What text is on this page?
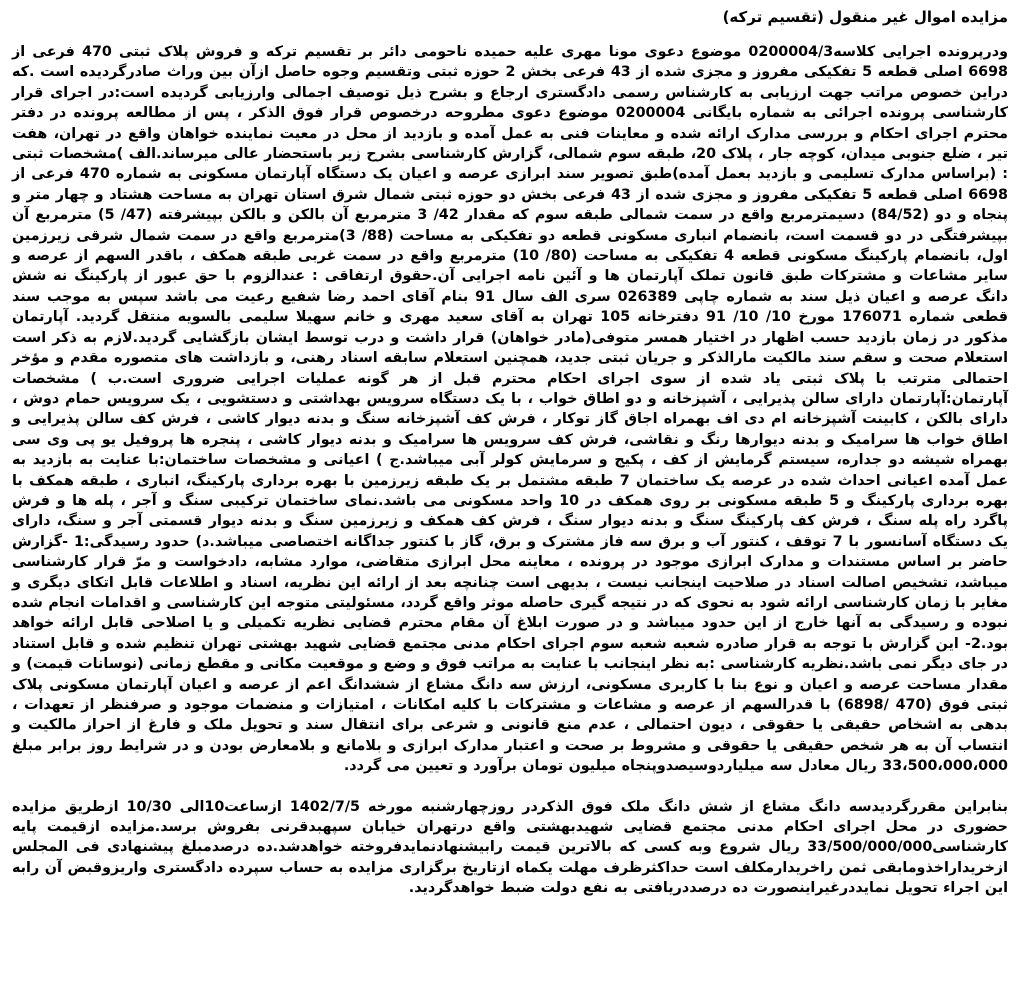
مزایده اموال غیر منقول (تقسیم ترکه)

ودرپرونده اجرایی کلاسه0200004/3 موضوع دعوی مونا مهری علیه حمیده ناحومی دائر بر تقسیم ترکه و فروش پلاک ثبتی 470 فرعی از 6698 اصلی قطعه 5 تفکیکی مفروز و مجزی شده از 43 فرعی بخش 2 حوزه ثبتی وتقسیم وجوه حاصل ازآن بین وراث صادرگردیده است .که دراین خصوص مراتب جهت ارزیابی به کارشناس رسمی دادگستری ارجاع و بشرح ذیل توصیف اجمالی وارزیابی گردیده است:در اجرای قرار کارشناسی پرونده اجرائی به شماره بایگانی 0200004 موضوع دعوی مطروحه درخصوص قرار فوق الذکر ، پس از مطالعه پرونده در دفتر محترم اجرای احکام و بررسی مدارک ارائه شده و معاینات فنی به عمل آمده و بازدید از محل در معیت نماینده خواهان واقع در تهران، هفت تیر ، ضلع جنوبی میدان، کوچه جار ، پلاک 20، طبقه سوم شمالی، گزارش کارشناسی بشرح زیر باستحضار عالی میرساند.الف )مشخصات ثبتی : (براساس مدارک تسلیمی و بازدید بعمل آمده)طبق تصویر سند ابرازی عرصه و اعیان یک دستگاه آپارتمان مسکونی به شماره 470 فرعی از 6698 اصلی قطعه 5 تفکیکی مفروز و مجزی شده از 43 فرعی بخش دو حوزه ثبتی شمال شرق استان تهران به مساحت هشتاد و چهار متر و پنجاه و دو (84/52) دسیمترمربع واقع در سمت شمالی طبقه سوم که مقدار 42/ 3 مترمربع آن بالکن و بالکن بپیشرفته (47/ 5) مترمربع آن بپیشرفتگی در دو قسمت است، بانضمام انباری مسکونی قطعه دو تفکیکی به مساحت (88/ 3)مترمربع واقع در سمت شمال شرقی زیرزمین اول، بانضمام پارکینگ مسکونی قطعه 4 تفکیکی به مساحت (80/ 10) مترمربع واقع در سمت غربی طبقه همکف ، باقدر السهم از عرصه و سایر مشاعات و مشترکات طبق قانون تملک آپارتمان ها و آئین نامه اجرایی آن.حقوق ارتفاقی : عندالزوم با حق عبور از پارکینگ نه شش دانگ عرصه و اعیان ذیل سند به شماره چاپی 026389 سری الف سال 91 بنام آقای احمد رضا شفیع رعیت می باشد سپس به موجب سند قطعی شماره 176071 مورخ 10/ 10/ 91 دفترخانه 105 تهران به آقای سعید مهری و خانم سهیلا سلیمی بالسویه منتقل گردید. آپارتمان مذکور در زمان بازدید حسب اظهار در اختیار همسر متوفی(مادر خواهان) قرار داشت و درب توسط ایشان بازگشایی گردید.لازم به ذکر است استعلام صحت و سقم سند مالکیت مارالذکر و جریان ثبتی جدید، همچنین استعلام سابقه اسناد رهنی، و بازداشت های متصوره مقدم و مؤخر احتمالی مترتب با پلاک ثبتی یاد شده از سوی اجرای احکام محترم قبل از هر گونه عملیات اجرایی ضروری است.ب ) مشخصات آپارتمان:آپارتمان دارای سالن پذیرایی ، آشپزخانه و دو اطاق خواب ، با یک دستگاه سرویس بهداشتی و دستشویی ، یک سرویس حمام دوش ، دارای بالکن ، کابینت آشپزخانه ام دی اف بهمراه اجاق گاز توکار ، فرش کف آشپزخانه سنگ و بدنه دیوار کاشی ، فرش کف سالن پذیرایی و اطاق خواب ها سرامیک و بدنه دیوارها رنگ و نقاشی، فرش کف سرویس ها سرامیک و بدنه دیوار کاشی ، پنجره ها پروفیل یو پی وی سی بهمراه شیشه دو جداره، سیستم گرمایش از کف ، پکیج و سرمایش کولر آبی میباشد.ج ) اعیانی و مشخصات ساختمان:با عنایت به بازدید به عمل آمده اعیانی احداث شده در عرصه یک ساختمان 7 طبقه مشتمل بر یک طبقه زیرزمین با بهره برداری پارکینگ، انباری ، طبقه همکف با بهره برداری پارکینگ و 5 طبقه مسکونی بر روی همکف در 10 واحد مسکونی می باشد.نمای ساختمان ترکیبی سنگ و آجر ، پله ها و فرش پاگرد راه پله سنگ ، فرش کف پارکینگ سنگ و بدنه دیوار سنگ ، فرش کف همکف و زیرزمین سنگ و بدنه دیوار قسمتی آجر و سنگ، دارای یک دستگاه آسانسور با 7 توقف ، کنتور آب و برق سه فاز مشترک و برق، گاز با کنتور جداگانه اختصاصی میباشد.د) حدود رسیدگی:1 -گزارش حاضر بر اساس مستندات و مدارک ابرازی موجود در پرونده ، معاینه محل ابرازی متقاضی، موارد مشابه، دادخواست و مرّ قرار کارشناسی میباشد، تشخیص اصالت اسناد در صلاحیت اینجانب نیست ، بدیهی است چنانچه بعد از ارائه این نظریه، اسناد و اطلاعات قابل اتکای دیگری و مغایر با زمان کارشناسی ارائه شود به نحوی که در نتیجه گیری حاصله موثر واقع گردد، مسئولیتی متوجه این کارشناسی و اقدامات انجام شده نبوده و رسیدگی به آنها خارج از این حدود میباشد و در صورت ابلاغ آن مقام محترم قضایی نظریه تکمیلی و یا اصلاحی قابل ارائه خواهد بود.2- این گزارش با توجه به قرار صادره شعبه شعبه سوم اجرای احکام مدنی مجتمع قضایی شهید بهشتی تهران تنظیم شده و قابل استناد در جای دیگر نمی باشد.نظریه کارشناسی :به نظر اینجانب با عنایت به مراتب فوق و وضع و موقعیت مکانی و مقطع زمانی (نوسانات قیمت) و مقدار مساحت عرصه و اعیان و نوع بنا با کاربری مسکونی، ارزش سه دانگ مشاع از ششدانگ اعم از عرصه و اعیان آپارتمان مسکونی پلاک ثبتی فوق (470 /6898) با قدرالسهم از عرصه و مشاعات و مشترکات با کلیه امکانات ، امتیازات و منضمات موجود و صرفنظر از تعهدات ، بدهی به اشخاص حقیقی یا حقوقی ، دیون احتمالی ، عدم منع قانونی و شرعی برای انتقال سند و تحویل ملک و فارغ از احراز مالکیت و انتساب آن به هر شخص حقیقی یا حقوقی و مشروط بر صحت و اعتبار مدارک ابرازی و بلامانع و بلامعارض بودن و در شرایط روز برابر مبلغ 33،500،000،000 ریال معادل سه میلیاردوسیصدوپنجاه میلیون تومان برآورد و تعیین می گردد.

بنابراین مقررگردیدسه دانگ مشاع از شش دانگ ملک فوق الذکردر روزچهارشنبه مورخه 1402/7/5 ازساعت10الی 10/30 ازطریق مزایده حضوری در محل اجرای احکام مدنی مجتمع قضایی شهیدبهشتی واقع درتهران خیابان سپهبدقرنی بفروش برسد.مزایده ازقیمت پایه کارشناسی33/500/000/000 ریال شروع وبه کسی که بالاترین قیمت رابیشنهادنمایدفروخته خواهدشد.ده درصدمبلغ پیشنهادی فی المجلس ازخریداراخذومابقی ثمن راخریدارمکلف است حداکثرظرف مهلت یکماه ازتاریخ برگزاری مزایده به حساب سپرده دادگستری واریزوقبض آن رابه این اجراء تحویل نمایددرغیراینصورت ده درصددریافتی به نفع دولت ضبط خواهدگردید.
